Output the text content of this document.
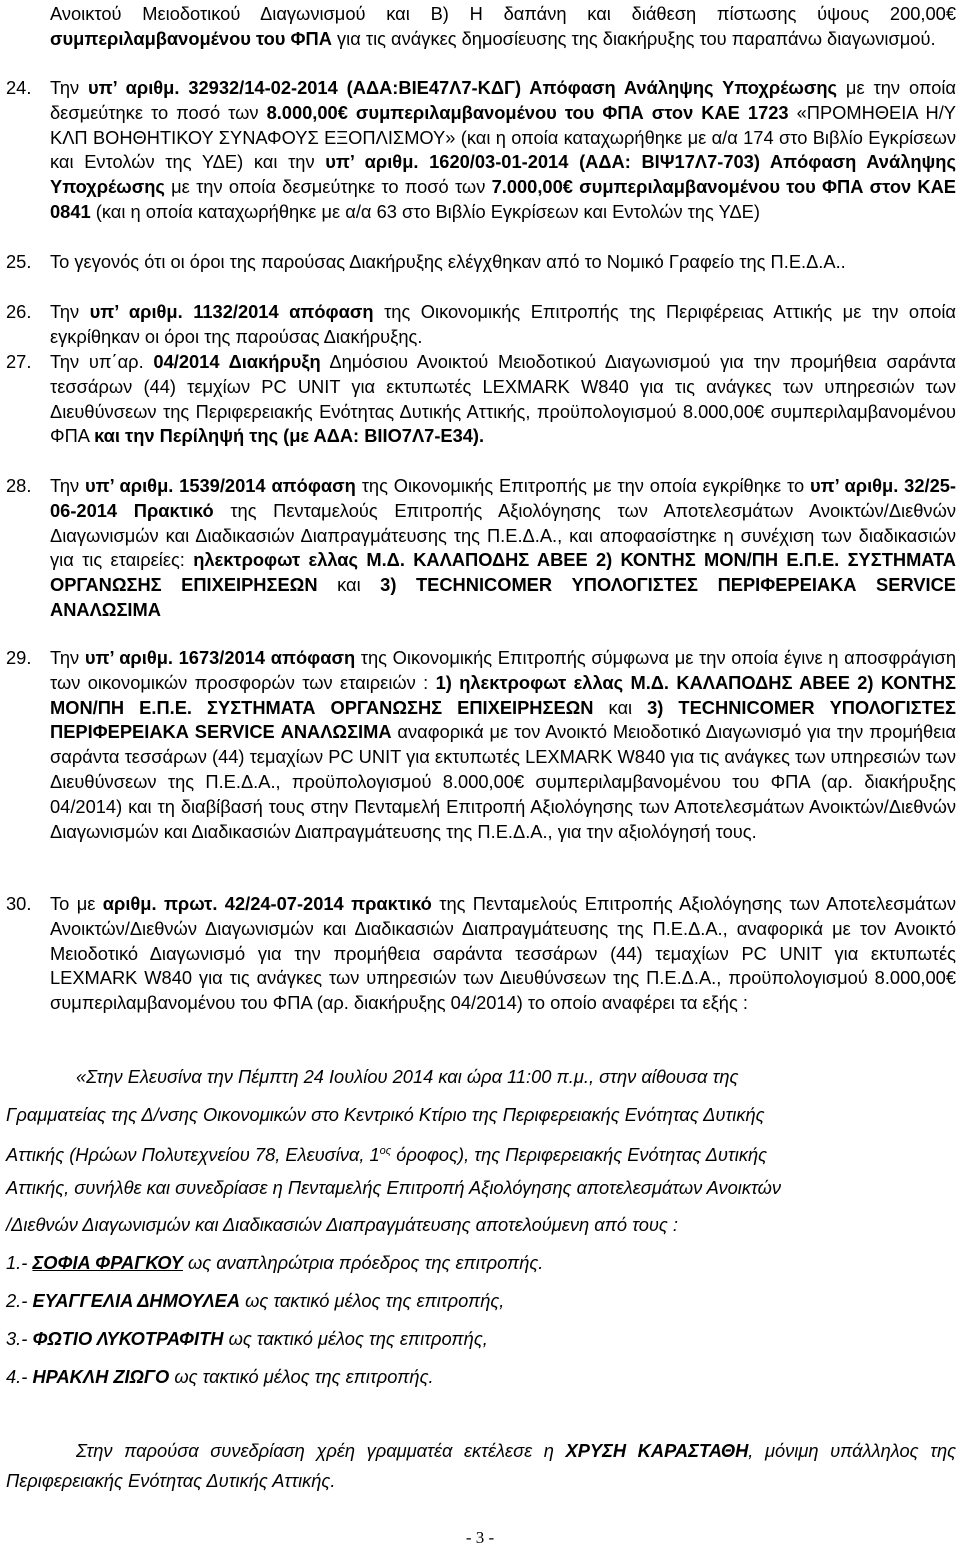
Ανοικτού Μειοδοτικού Διαγωνισμού και B) Η δαπάνη και διάθεση πίστωσης ύψους 200,00€ συμπεριλαμβανομένου του ΦΠΑ για τις ανάγκες δημοσίευσης της διακήρυξης του παραπάνω διαγωνισμού.
24.	Την υπ’ αριθμ. 32932/14-02-2014 (ΑΔΑ:ΒΙΕ47Λ7-ΚΔΓ) Απόφαση Ανάληψης Υποχρέωσης με την οποία δεσμεύτηκε το ποσό των 8.000,00€ συμπεριλαμβανομένου του ΦΠΑ στον ΚΑΕ 1723 «ΠΡΟΜΗΘΕΙΑ Η/Υ ΚΛΠ ΒΟΗΘΗΤΙΚΟΥ ΣΥΝΑΦΟΥΣ ΕΞΟΠΛΙΣΜΟΥ» (και η οποία καταχωρήθηκε με α/α 174 στο Βιβλίο Εγκρίσεων και Εντολών της ΥΔΕ) και την υπ’ αριθμ. 1620/03-01-2014 (ΑΔΑ: ΒΙΨ17Λ7-703) Απόφαση Ανάληψης Υποχρέωσης με την οποία δεσμεύτηκε το ποσό των 7.000,00€ συμπεριλαμβανομένου του ΦΠΑ στον ΚΑΕ 0841 (και η οποία καταχωρήθηκε με α/α 63 στο Βιβλίο Εγκρίσεων και Εντολών της ΥΔΕ)
25.	Το γεγονός ότι οι όροι της παρούσας Διακήρυξης ελέγχθηκαν από το Νομικό Γραφείο της Π.Ε.Δ.Α..
26.	Την υπ’ αριθμ. 1132/2014 απόφαση της Οικονομικής Επιτροπής της Περιφέρειας Αττικής με την οποία εγκρίθηκαν οι όροι της παρούσας Διακήρυξης.
27.	Την υπ΄αρ. 04/2014 Διακήρυξη Δημόσιου Ανοικτού Μειοδοτικού Διαγωνισμού για την προμήθεια σαράντα τεσσάρων (44) τεμχίων PC UNIT για εκτυπωτές LEXMARK W840 για τις ανάγκες των υπηρεσιών των Διευθύνσεων της Περιφερειακής Ενότητας Δυτικής Αττικής, προϋπολογισμού 8.000,00€ συμπεριλαμβανομένου ΦΠΑ και την Περίληψή της (με ΑΔΑ: ΒΙΙΟ7Λ7-Ε34).
28.	Την υπ’ αριθμ. 1539/2014 απόφαση της Οικονομικής Επιτροπής με την οποία εγκρίθηκε το υπ’ αριθμ. 32/25-06-2014 Πρακτικό της Πενταμελούς Επιτροπής Αξιολόγησης των Αποτελεσμάτων Ανοικτών/Διεθνών Διαγωνισμών και Διαδικασιών Διαπραγμάτευσης της Π.Ε.Δ.Α., και αποφασίστηκε η συνέχιση των διαδικασιών για τις εταιρείες: ηλεκτροφωτ ελλας Μ.Δ. ΚΑΛΑΠΟΔΗΣ ΑΒΕΕ 2) ΚΟΝΤΗΣ ΜΟΝ/ΠΗ Ε.Π.Ε. ΣΥΣΤΗΜΑΤΑ ΟΡΓΑΝΩΣΗΣ ΕΠΙΧΕΙΡΗΣΕΩΝ και 3) TECHNICOMER ΥΠΟΛΟΓΙΣΤΕΣ ΠΕΡΙΦΕΡΕΙΑΚΑ SERVICE ΑΝΑΛΩΣΙΜΑ
29.	Την υπ’ αριθμ. 1673/2014 απόφαση της Οικονομικής Επιτροπής σύμφωνα με την οποία έγινε η αποσφράγιση των οικονομικών προσφορών των εταιρειών : 1) ηλεκτροφωτ ελλας Μ.Δ. ΚΑΛΑΠΟΔΗΣ ΑΒΕΕ 2) ΚΟΝΤΗΣ ΜΟΝ/ΠΗ Ε.Π.Ε. ΣΥΣΤΗΜΑΤΑ ΟΡΓΑΝΩΣΗΣ ΕΠΙΧΕΙΡΗΣΕΩΝ και 3) TECHNICOMER ΥΠΟΛΟΓΙΣΤΕΣ ΠΕΡΙΦΕΡΕΙΑΚΑ SERVICE ΑΝΑΛΩΣΙΜΑ αναφορικά με τον Ανοικτό Μειοδοτικό Διαγωνισμό για την προμήθεια σαράντα τεσσάρων (44) τεμαχίων PC UNIT για εκτυπωτές LEXMARK W840 για τις ανάγκες των υπηρεσιών των Διευθύνσεων της Π.Ε.Δ.Α., προϋπολογισμού 8.000,00€ συμπεριλαμβανομένου του ΦΠΑ (αρ. διακήρυξης 04/2014) και τη διαβίβασή τους στην Πενταμελή Επιτροπή Αξιολόγησης των Αποτελεσμάτων Ανοικτών/Διεθνών Διαγωνισμών και Διαδικασιών Διαπραγμάτευσης της Π.Ε.Δ.Α., για την αξιολόγησή τους.
30.	Το με αριθμ. πρωτ. 42/24-07-2014 πρακτικό της Πενταμελούς Επιτροπής Αξιολόγησης των Αποτελεσμάτων Ανοικτών/Διεθνών Διαγωνισμών και Διαδικασιών Διαπραγμάτευσης της Π.Ε.Δ.Α., αναφορικά με τον Ανοικτό Μειοδοτικό Διαγωνισμό για την προμήθεια σαράντα τεσσάρων (44) τεμαχίων PC UNIT για εκτυπωτές LEXMARK W840 για τις ανάγκες των υπηρεσιών των Διευθύνσεων της Π.Ε.Δ.Α., προϋπολογισμού 8.000,00€ συμπεριλαμβανομένου του ΦΠΑ (αρ. διακήρυξης 04/2014) το οποίο αναφέρει τα εξής :
«Στην Ελευσίνα την Πέμπτη 24 Ιουλίου 2014 και ώρα 11:00 π.μ., στην αίθουσα της
Γραμματείας της Δ/νσης Οικονομικών στο Κεντρικό Κτίριο της Περιφερειακής Ενότητας Δυτικής
Αττικής (Ηρώων Πολυτεχνείου 78, Ελευσίνα, $1^{o\varsigma}$ όροφος), της Περιφερειακής Ενότητας Δυτικής
Αττικής, συνήλθε και συνεδρίασε η Πενταμελής Επιτροπή Αξιολόγησης αποτελεσμάτων Ανοικτών
/Διεθνών Διαγωνισμών και Διαδικασιών Διαπραγμάτευσης αποτελούμενη από τους :
1.- ΣΟΦΙΑ ΦΡΑΓΚΟΥ ως αναπληρώτρια πρόεδρος της επιτροπής.
2.- ΕΥΑΓΓΕΛΙΑ ΔΗΜΟΥΛΕΑ ως τακτικό μέλος της επιτροπής,
3.- ΦΩΤΙΟ ΛΥΚΟΤΡΑΦΙΤΗ ως τακτικό μέλος της επιτροπής,
4.- ΗΡΑΚΛΗ ΖΙΩΓΟ ως τακτικό μέλος της επιτροπής.
Στην παρούσα συνεδρίαση χρέη γραμματέα εκτέλεσε η ΧΡΥΣΗ ΚΑΡΑΣΤΑΘΗ, μόνιμη υπάλληλος της Περιφερειακής Ενότητας Δυτικής Αττικής.
- 3 -
